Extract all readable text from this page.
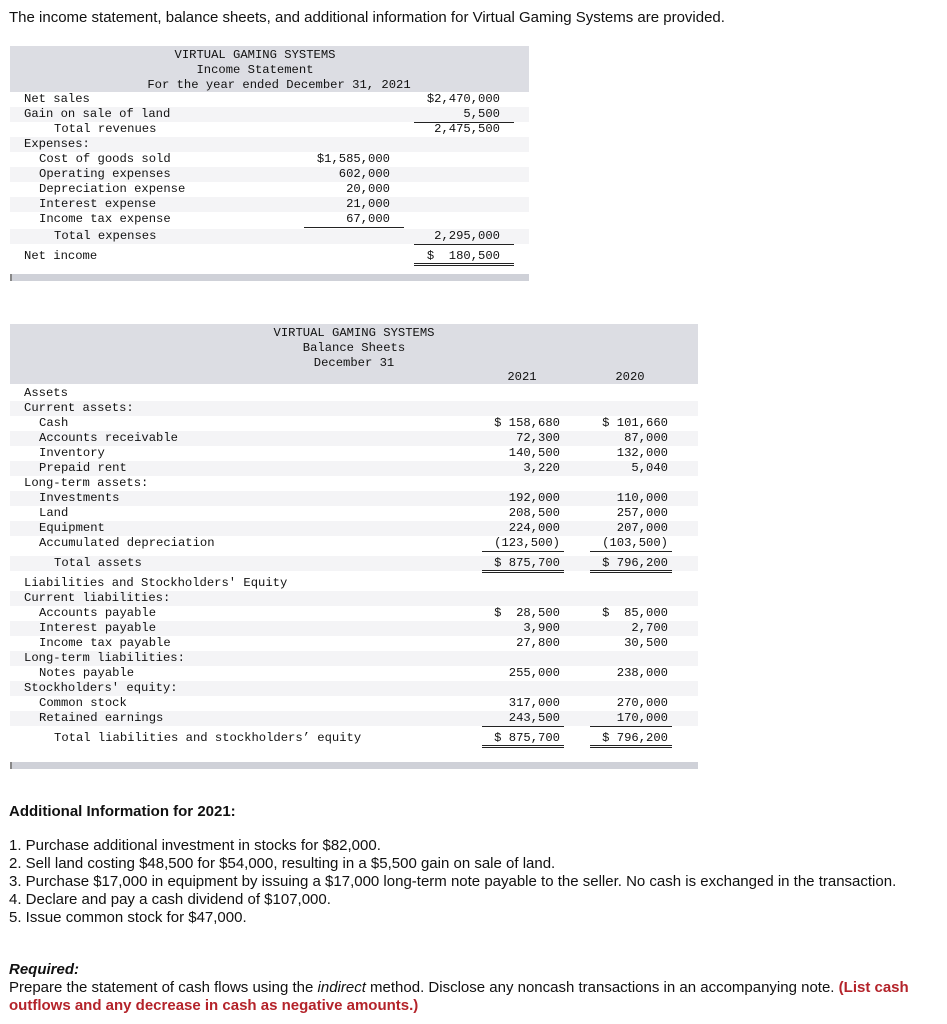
The income statement, balance sheets, and additional information for Virtual Gaming Systems are provided.
VIRTUAL GAMING SYSTEMS
Income Statement
For the year ended December 31, 2021
Net sales	$2,470,000
Gain on sale of land	5,500
Total revenues	2,475,500
Expenses:
Cost of goods sold	$1,585,000
Operating expenses	602,000
Depreciation expense	20,000
Interest expense	21,000
Income tax expense	67,000
Total expenses	2,295,000
Net income	$  180,500
VIRTUAL GAMING SYSTEMS
Balance Sheets
December 31
2021	2020
Assets
Current assets:
Cash	$ 158,680	$ 101,660
Accounts receivable	72,300	87,000
Inventory	140,500	132,000
Prepaid rent	3,220	5,040
Long-term assets:
Investments	192,000	110,000
Land	208,500	257,000
Equipment	224,000	207,000
Accumulated depreciation	(123,500)	(103,500)
Total assets	$ 875,700	$ 796,200
Liabilities and Stockholders' Equity
Current liabilities:
Accounts payable	$  28,500	$  85,000
Interest payable	3,900	2,700
Income tax payable	27,800	30,500
Long-term liabilities:
Notes payable	255,000	238,000
Stockholders' equity:
Common stock	317,000	270,000
Retained earnings	243,500	170,000
Total liabilities and stockholders’ equity	$ 875,700	$ 796,200
Additional Information for 2021:
1. Purchase additional investment in stocks for $82,000.
2. Sell land costing $48,500 for $54,000, resulting in a $5,500 gain on sale of land.
3. Purchase $17,000 in equipment by issuing a $17,000 long-term note payable to the seller. No cash is exchanged in the transaction.
4. Declare and pay a cash dividend of $107,000.
5. Issue common stock for $47,000.
Required:
Prepare the statement of cash flows using the indirect method. Disclose any noncash transactions in an accompanying note. (List cash outflows and any decrease in cash as negative amounts.)
